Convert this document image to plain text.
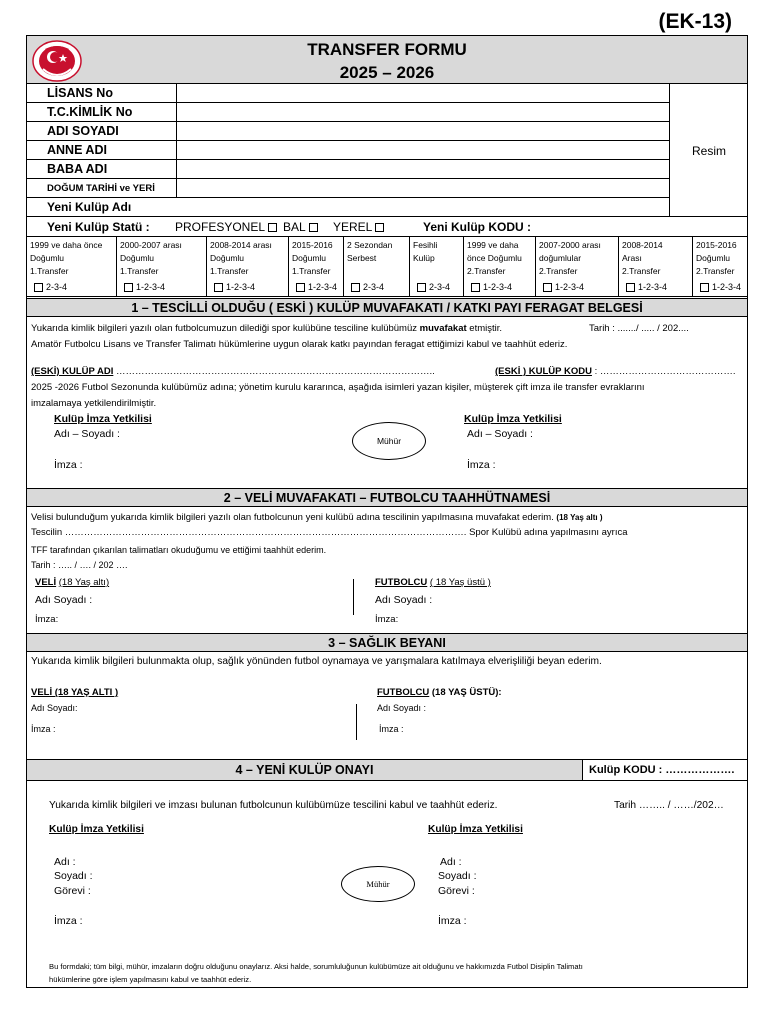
(EK-13)
TRANSFER FORMU
2025 – 2026
LİSANS No
T.C.KİMLİK No
ADI SOYADI
ANNE ADI
BABA ADI
DOĞUM TARİHİ ve YERİ
Resim
Yeni Kulüp Adı
Yeni Kulüp Statü : PROFESYONEL	BAL	YEREL	Yeni Kulüp KODU :
1999 ve daha önce
Doğumlu
1.Transfer
2-3-4
2000-2007 arası
Doğumlu
1.Transfer
1-2-3-4
2008-2014 arası
Doğumlu
1.Transfer
1-2-3-4
2015-2016
Doğumlu
1.Transfer
1-2-3-4
2 Sezondan
Serbest
2-3-4
Fesihli
Kulüp
2-3-4
1999 ve daha
önce Doğumlu
2.Transfer
1-2-3-4
2007-2000 arası
doğumlular
2.Transfer
1-2-3-4
2008-2014
Arası
2.Transfer
1-2-3-4
2015-2016
Doğumlu
2.Transfer
1-2-3-4
1 – TESCİLLİ OLDUĞU ( ESKİ ) KULÜP MUVAFAKATI / KATKI PAYI FERAGAT BELGESİ
Yukarıda kimlik bilgileri yazılı olan futbolcumuzun dilediği spor kulübüne tesciline kulübümüz muvafakat etmiştir.	Tarih : ......./ ..... / 202....
Amatör Futbolcu Lisans ve Transfer Talimatı hükümlerine uygun olarak katkı payından feragat ettiğimizi kabul ve taahhüt ederiz.
(ESKİ) KULÜP ADI ………………………………………………………………………………………..	(ESKİ ) KULÜP KODU : …………………………………….
2025 -2026 Futbol Sezonunda kulübümüz adına; yönetim kurulu kararınca, aşağıda isimleri yazan kişiler, müşterek çift imza ile transfer evraklarını
imzalamaya yetkilendirilmiştir.
Kulüp İmza Yetkilisi
Adı – Soyadı :
İmza :
Mühür
Kulüp İmza Yetkilisi
Adı – Soyadı :
İmza :
2 – VELİ MUVAFAKATI – FUTBOLCU TAAHHÜTNAMESİ
Velisi bulunduğum yukarıda kimlik bilgileri yazılı olan futbolcunun yeni kulübü adına tescilinin yapılmasına muvafakat ederim. (18 Yaş altı )
Tescilin ………………………………………………………………………………………………………………. Spor Kulübü adına yapılmasını ayrıca
TFF tarafından çıkarılan talimatları okuduğumu ve ettiğimi taahhüt ederim.
Tarih : ….. / …. / 202 ….
VELİ (18 Yaş altı)
Adı Soyadı :
İmza:
FUTBOLCU ( 18 Yaş üstü )
Adı Soyadı :
İmza:
3 – SAĞLIK BEYANI
Yukarıda kimlik bilgileri bulunmakta olup, sağlık yönünden futbol oynamaya ve yarışmalara katılmaya elverişliliği beyan ederim.
VELİ (18 YAŞ ALTI )
Adı Soyadı:
İmza :
FUTBOLCU (18 YAŞ ÜSTÜ):
Adı Soyadı :
İmza :
4 – YENİ KULÜP ONAYI	Kulüp KODU : ……………….
Yukarıda kimlik bilgileri ve imzası bulunan futbolcunun kulübümüze tescilini kabul ve taahhüt ederiz.	Tarih …….. / ……/202…
Kulüp İmza Yetkilisi	Kulüp İmza Yetkilisi
Adı :
Soyadı :
Görevi :
İmza :
Mühür
Adı :
Soyadı :
Görevi :
İmza :
Bu formdaki; tüm bilgi, mühür, imzaların doğru olduğunu onaylarız. Aksi halde, sorumluluğunun kulübümüze ait olduğunu ve hakkımızda Futbol Disiplin Talimatı
hükümlerine göre işlem yapılmasını kabul ve taahhüt ederiz.
